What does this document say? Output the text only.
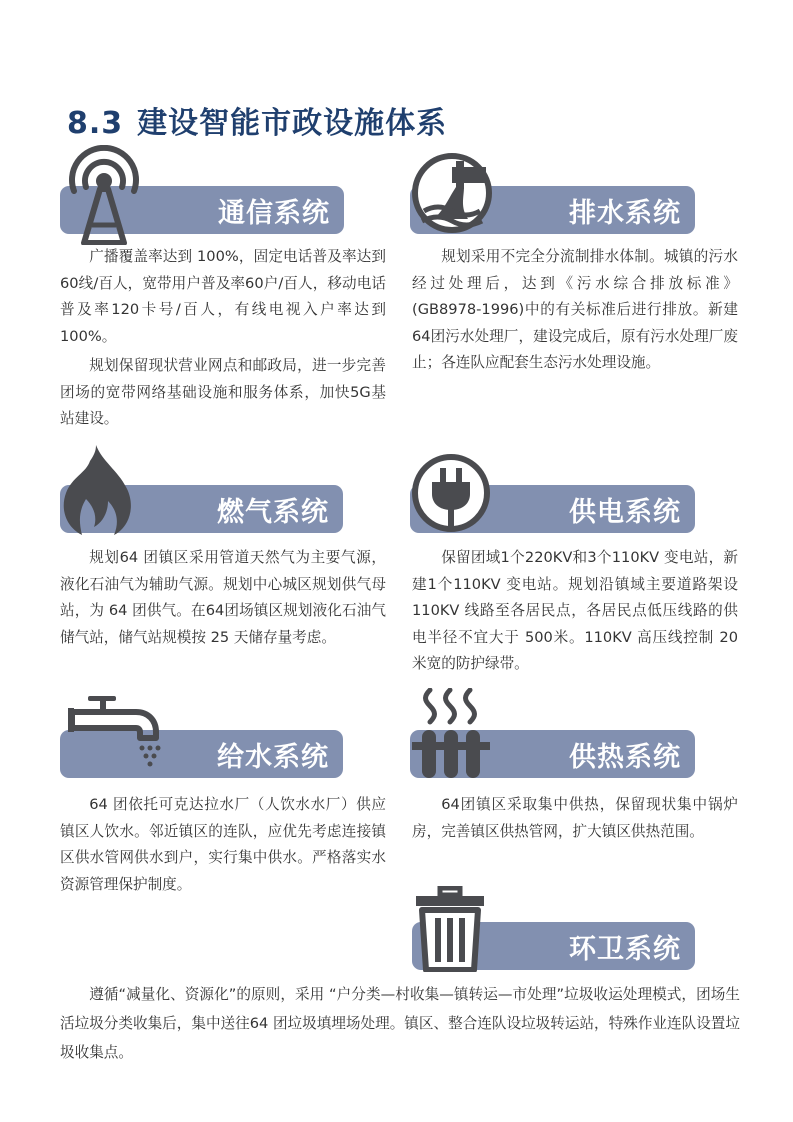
8.3 建设智能市政设施体系
通信系统

广播覆盖率达到 100%，固定电话普及率达到60线/百人，宽带用户普及率60户/百人，移动电话普及率120卡号/百人，有线电视入户率达到 100%。

规划保留现状营业网点和邮政局，进一步完善团场的宽带网络基础设施和服务体系，加快5G基站建设。

排水系统

规划采用不完全分流制排水体制。城镇的污水经过处理后，达到《污水综合排放标准》(GB8978-1996)中的有关标准后进行排放。新建64团污水处理厂，建设完成后，原有污水处理厂废止；各连队应配套生态污水处理设施。

燃气系统

规划64 团镇区采用管道天然气为主要气源，液化石油气为辅助气源。规划中心城区规划供气母站，为 64 团供气。在64团场镇区规划液化石油气储气站，储气站规模按 25 天储存量考虑。

供电系统

保留团域1个220KV和3个110KV 变电站，新建1个110KV 变电站。规划沿镇域主要道路架设 110KV 线路至各居民点，各居民点低压线路的供电半径不宜大于 500米。110KV 高压线控制 20 米宽的防护绿带。

给水系统

64 团依托可克达拉水厂（人饮水水厂）供应镇区人饮水。邻近镇区的连队，应优先考虑连接镇区供水管网供水到户，实行集中供水。严格落实水资源管理保护制度。

供热系统

64团镇区采取集中供热，保留现状集中锅炉房，完善镇区供热管网，扩大镇区供热范围。

环卫系统

遵循“减量化、资源化”的原则，采用 “户分类—村收集—镇转运—市处理”垃圾收运处理模式，团场生活垃圾分类收集后，集中送往64 团垃圾填埋场处理。镇区、整合连队设垃圾转运站，特殊作业连队设置垃圾收集点。
